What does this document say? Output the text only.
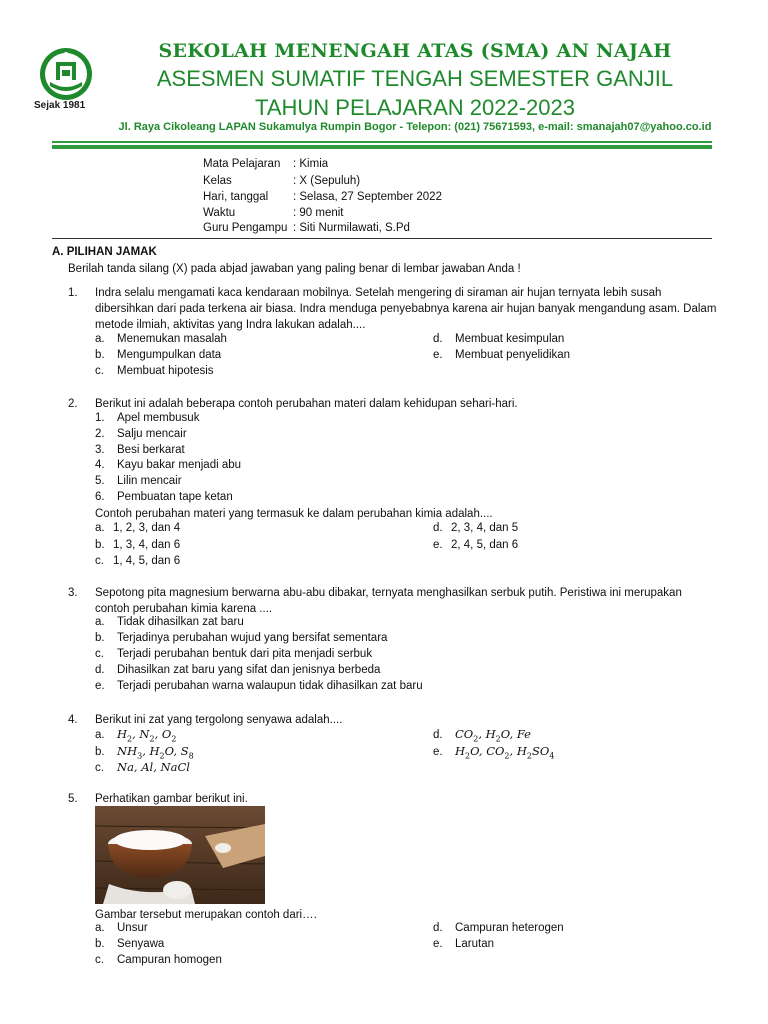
Sejak 1981
SEKOLAH MENENGAH ATAS (SMA) AN NAJAH
ASESMEN SUMATIF TENGAH SEMESTER GANJIL
TAHUN PELAJARAN 2022-2023
Jl. Raya Cikoleang LAPAN Sukamulya Rumpin Bogor - Telepon: (021) 75671593, e-mail: smanajah07@yahoo.co.id
Mata Pelajaran	: Kimia
Kelas	: X (Sepuluh)
Hari, tanggal	: Selasa, 27 September 2022
Waktu	: 90 menit
Guru Pengampu : Siti Nurmilawati, S.Pd
A. PILIHAN JAMAK
Berilah tanda silang (X) pada abjad jawaban yang paling benar di lembar jawaban Anda !
1. Indra selalu mengamati kaca kendaraan mobilnya. Setelah mengering di siraman air hujan ternyata lebih susah
dibersihkan dari pada terkena air biasa. Indra menduga penyebabnya karena air hujan banyak mengandung asam. Dalam
metode ilmiah, aktivitas yang Indra lakukan adalah....
a. Menemukan masalah
b. Mengumpulkan data
c. Membuat hipotesis
d. Membuat kesimpulan
e. Membuat penyelidikan
2. Berikut ini adalah beberapa contoh perubahan materi dalam kehidupan sehari-hari.
1. Apel membusuk
2. Salju mencair
3. Besi berkarat
4. Kayu bakar menjadi abu
5. Lilin mencair
6. Pembuatan tape ketan
Contoh perubahan materi yang termasuk ke dalam perubahan kimia adalah....
a. 1, 2, 3, dan 4
b. 1, 3, 4, dan 6
c. 1, 4, 5, dan 6
d. 2, 3, 4, dan 5
e. 2, 4, 5, dan 6
3. Sepotong pita magnesium berwarna abu-abu dibakar, ternyata menghasilkan serbuk putih. Peristiwa ini merupakan
contoh perubahan kimia karena ....
a. Tidak dihasilkan zat baru
b. Terjadinya perubahan wujud yang bersifat sementara
c. Terjadi perubahan bentuk dari pita menjadi serbuk
d. Dihasilkan zat baru yang sifat dan jenisnya berbeda
e. Terjadi perubahan warna walaupun tidak dihasilkan zat baru
4. Berikut ini zat yang tergolong senyawa adalah....
a. $H_2$, $N_2$, $O_2$
b. $NH_3$, $H_2O$, $S_8$
c. Na, Al, NaCl
d. $CO_2$, $H_2O$, Fe
e. $H_2O$, $CO_2$, $H_2SO_4$
5. Perhatikan gambar berikut ini.
Gambar tersebut merupakan contoh dari….
a. Unsur
b. Senyawa
c. Campuran homogen
d. Campuran heterogen
e. Larutan
